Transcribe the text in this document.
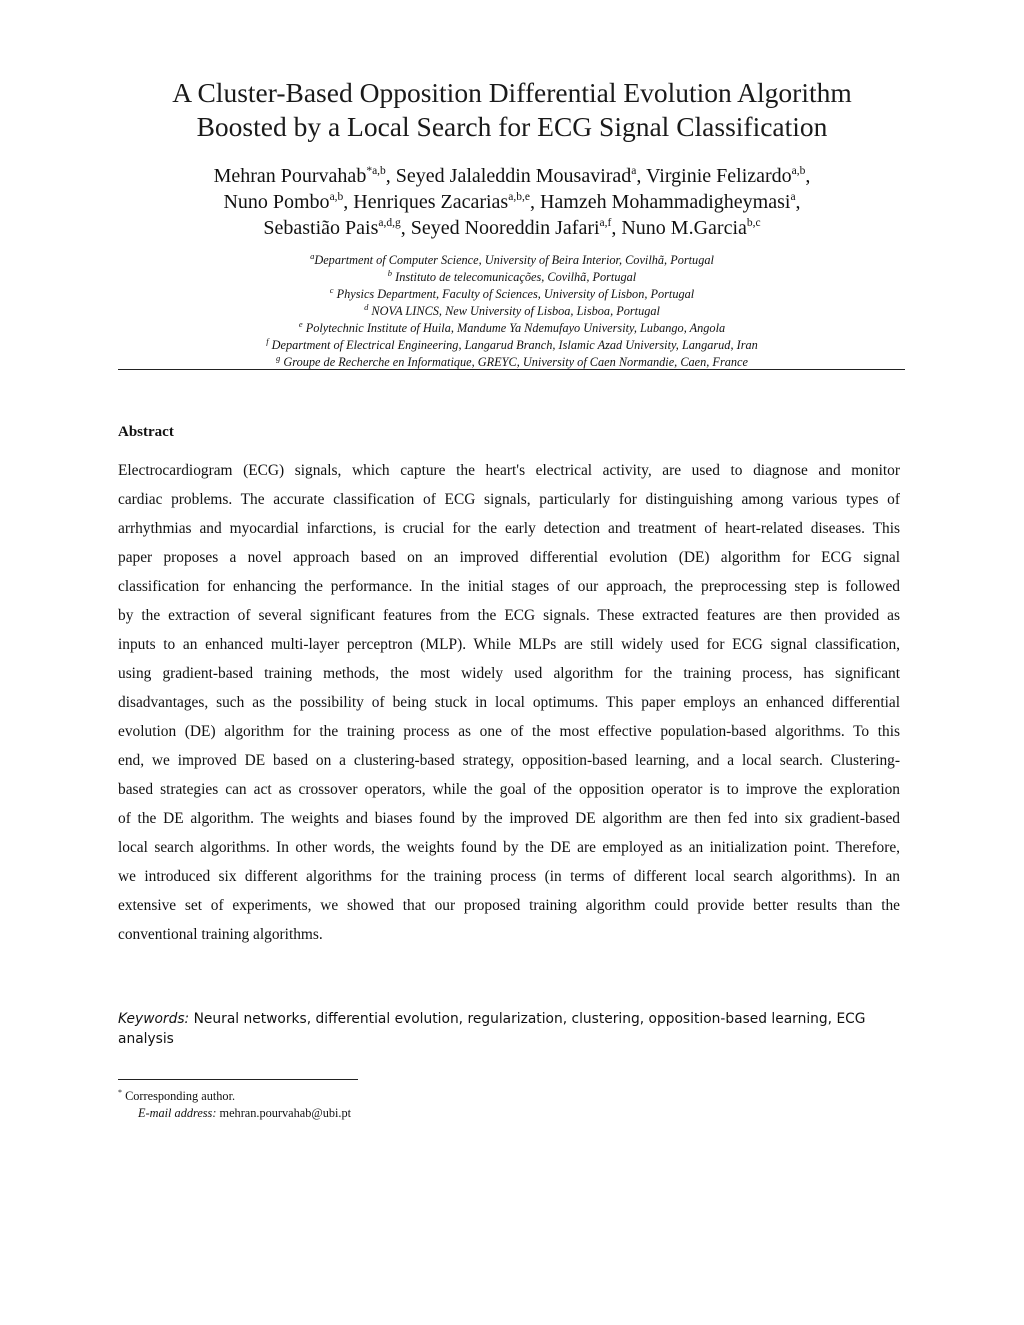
A Cluster-Based Opposition Differential Evolution Algorithm
Boosted by a Local Search for ECG Signal Classification
Mehran Pourvahab$^{*a,b}$, Seyed Jalaleddin Mousavirad$^a$, Virginie Felizardo$^{a,b}$,
Nuno Pombo$^{a,b}$, Henriques Zacarias$^{a,b,e}$, Hamzeh Mohammadigheymasi$^a$,
Sebastião Pais$^{a,d,g}$, Seyed Nooreddin Jafari$^{a,f}$, Nuno M.Garcia$^{b,c}$
$^a$Department of Computer Science, University of Beira Interior, Covilhã, Portugal
$^b$ Instituto de telecomunicações, Covilhã, Portugal
$^c$ Physics Department, Faculty of Sciences, University of Lisbon, Portugal
$^d$ NOVA LINCS, New University of Lisboa, Lisboa, Portugal
$^e$ Polytechnic Institute of Huila, Mandume Ya Ndemufayo University, Lubango, Angola
$^f$ Department of Electrical Engineering, Langarud Branch, Islamic Azad University, Langarud, Iran
$^g$ Groupe de Recherche en Informatique, GREYC, University of Caen Normandie, Caen, France
Abstract
Electrocardiogram (ECG) signals, which capture the heart's electrical activity, are used to diagnose and monitor
cardiac problems. The accurate classification of ECG signals, particularly for distinguishing among various types of
arrhythmias and myocardial infarctions, is crucial for the early detection and treatment of heart-related diseases. This
paper proposes a novel approach based on an improved differential evolution (DE) algorithm for ECG signal
classification for enhancing the performance. In the initial stages of our approach, the preprocessing step is followed
by the extraction of several significant features from the ECG signals. These extracted features are then provided as
inputs to an enhanced multi-layer perceptron (MLP). While MLPs are still widely used for ECG signal classification,
using gradient-based training methods, the most widely used algorithm for the training process, has significant
disadvantages, such as the possibility of being stuck in local optimums. This paper employs an enhanced differential
evolution (DE) algorithm for the training process as one of the most effective population-based algorithms. To this
end, we improved DE based on a clustering-based strategy, opposition-based learning, and a local search. Clustering-
based strategies can act as crossover operators, while the goal of the opposition operator is to improve the exploration
of the DE algorithm. The weights and biases found by the improved DE algorithm are then fed into six gradient-based
local search algorithms. In other words, the weights found by the DE are employed as an initialization point. Therefore,
we introduced six different algorithms for the training process (in terms of different local search algorithms). In an
extensive set of experiments, we showed that our proposed training algorithm could provide better results than the
conventional training algorithms.
Keywords: Neural networks, differential evolution, regularization, clustering, opposition-based learning, ECG
analysis
* Corresponding author.
E-mail address: mehran.pourvahab@ubi.pt
